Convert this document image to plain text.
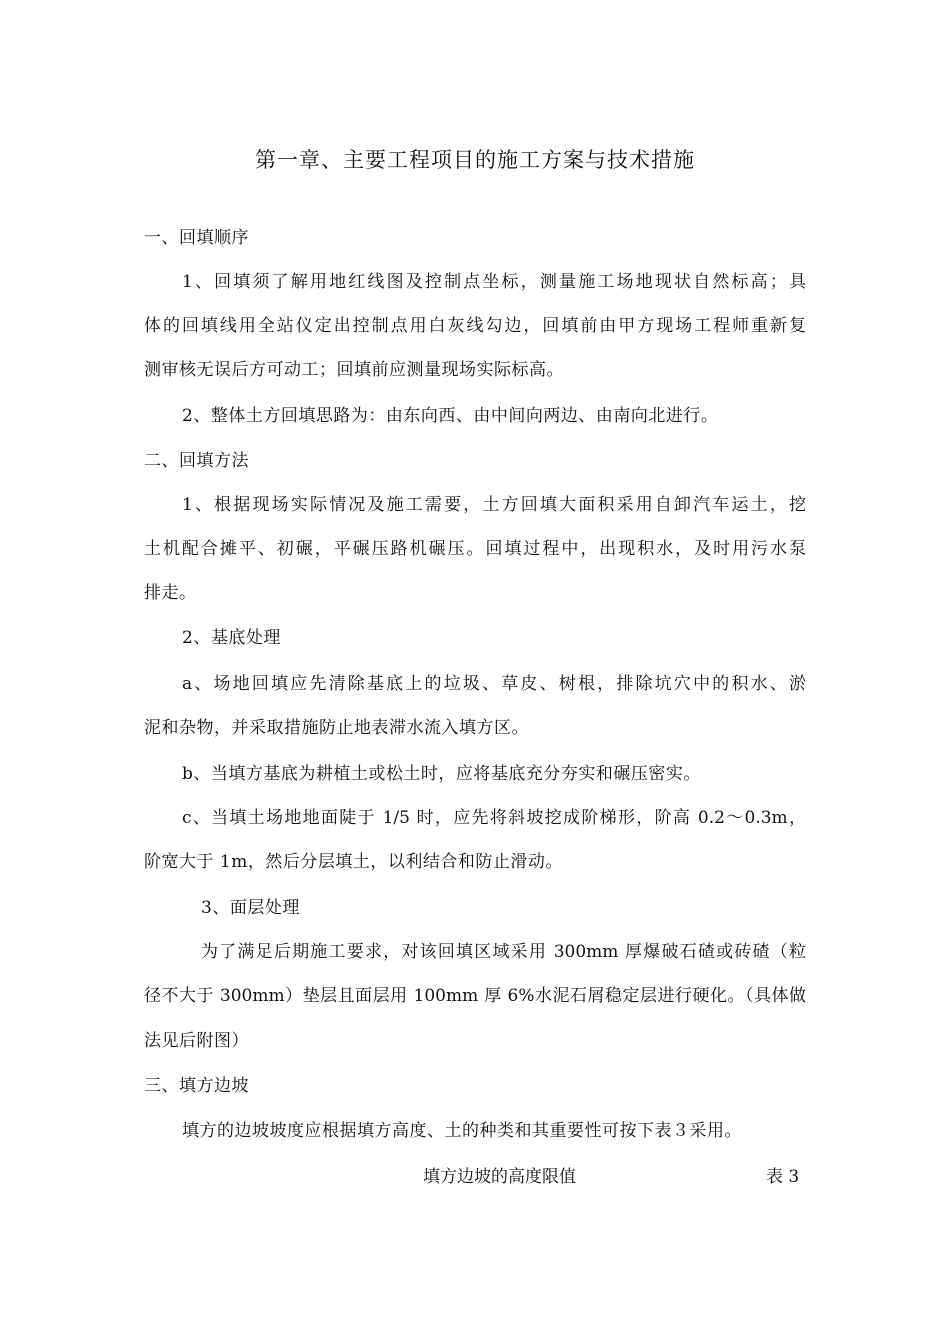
第一章、主要工程项目的施工方案与技术措施
一、回填顺序
1、回填须了解用地红线图及控制点坐标，测量施工场地现状自然标高；具
体的回填线用全站仪定出控制点用白灰线勾边，回填前由甲方现场工程师重新复
测审核无误后方可动工；回填前应测量现场实际标高。
2、整体土方回填思路为：由东向西、由中间向两边、由南向北进行。
二、回填方法
1、根据现场实际情况及施工需要，土方回填大面积采用自卸汽车运土，挖
土机配合摊平、初碾，平碾压路机碾压。回填过程中，出现积水，及时用污水泵
排走。
2、基底处理
a、场地回填应先清除基底上的垃圾、草皮、树根，排除坑穴中的积水、淤
泥和杂物，并采取措施防止地表滞水流入填方区。
b、当填方基底为耕植土或松土时，应将基底充分夯实和碾压密实。
c、当填土场地地面陡于 1/5 时，应先将斜坡挖成阶梯形，阶高 0.2～0.3m，
阶宽大于 1m，然后分层填土，以利结合和防止滑动。
3、面层处理
为了满足后期施工要求，对该回填区域采用 300mm 厚爆破石碴或砖碴（粒
径不大于 300mm）垫层且面层用 100mm 厚 6%水泥石屑稳定层进行硬化。（具体做
法见后附图）
三、填方边坡
填方的边坡坡度应根据填方高度、土的种类和其重要性可按下表３采用。
填方边坡的高度限值	表 3
